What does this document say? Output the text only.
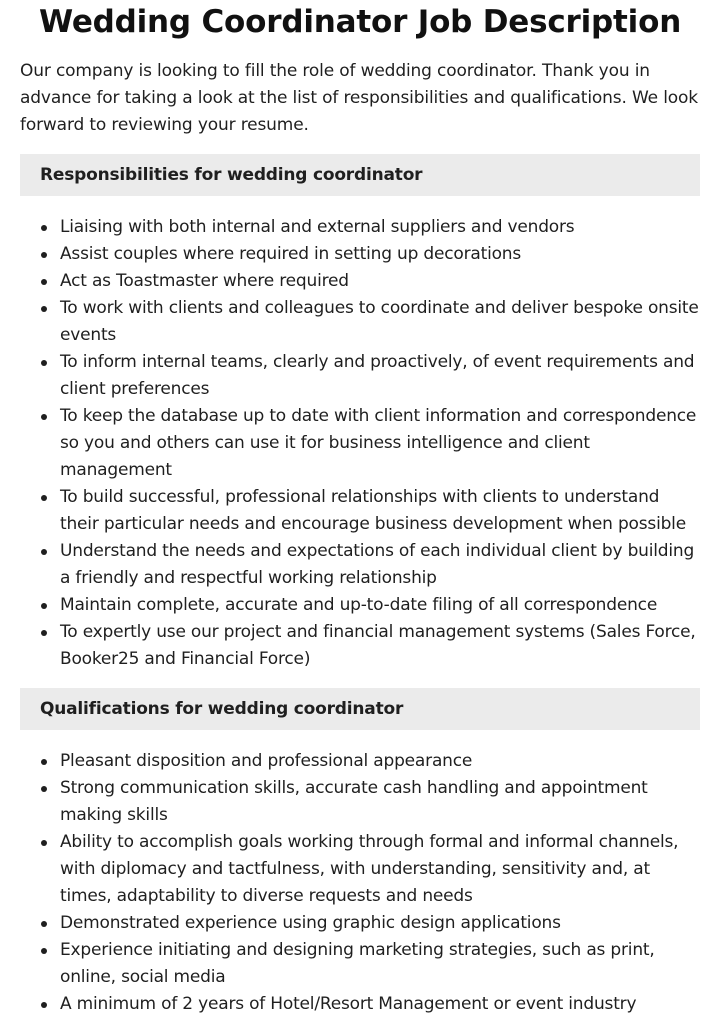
Wedding Coordinator Job Description

Our company is looking to fill the role of wedding coordinator. Thank you in advance for taking a look at the list of responsibilities and qualifications. We look forward to reviewing your resume.

Responsibilities for wedding coordinator
Liaising with both internal and external suppliers and vendors
Assist couples where required in setting up decorations
Act as Toastmaster where required
To work with clients and colleagues to coordinate and deliver bespoke onsite events
To inform internal teams, clearly and proactively, of event requirements and client preferences
To keep the database up to date with client information and correspondence so you and others can use it for business intelligence and client management
To build successful, professional relationships with clients to understand their particular needs and encourage business development when possible
Understand the needs and expectations of each individual client by building a friendly and respectful working relationship
Maintain complete, accurate and up-to-date filing of all correspondence
To expertly use our project and financial management systems (Sales Force, Booker25 and Financial Force)
Qualifications for wedding coordinator
Pleasant disposition and professional appearance
Strong communication skills, accurate cash handling and appointment making skills
Ability to accomplish goals working through formal and informal channels, with diplomacy and tactfulness, with understanding, sensitivity and, at times, adaptability to diverse requests and needs
Demonstrated experience using graphic design applications
Experience initiating and designing marketing strategies, such as print, online, social media
A minimum of 2 years of Hotel/Resort Management or event industry
